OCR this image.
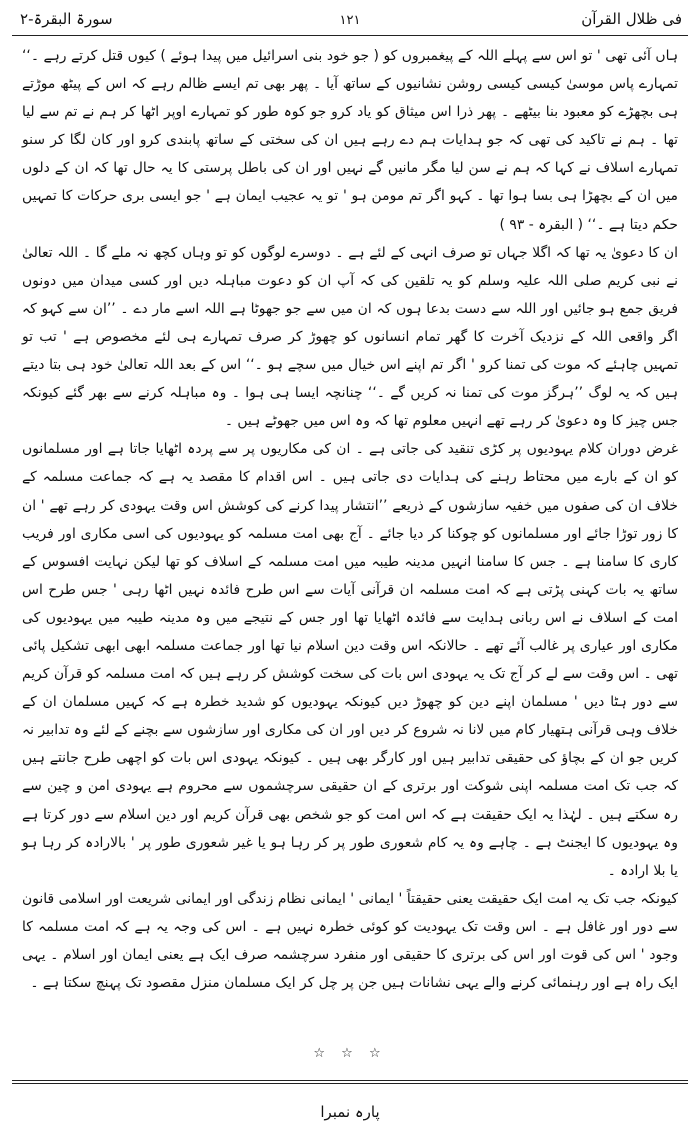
فی ظلال القرآن
۱۲۱
سورۃ البقرۃ-۲

ہاں آئی تھی ' تو اس سے پہلے اللہ کے پیغمبروں کو ( جو خود بنی اسرائیل میں پیدا ہوئے ) کیوں قتل کرتے رہے ۔‘‘ تمہارے پاس موسیٰ کیسی کیسی روشن نشانیوں کے ساتھ آیا ۔ پھر بھی تم ایسے ظالم رہے کہ اس کے پیٹھ موڑتے ہی بچھڑے کو معبود بنا بیٹھے ۔ پھر ذرا اس میثاق کو یاد کرو جو کوہ طور کو تمہارے اوپر اٹھا کر ہم نے تم سے لیا تھا ۔ ہم نے تاکید کی تھی کہ جو ہدایات ہم دے رہے ہیں ان کی سختی کے ساتھ پابندی کرو اور کان لگا کر سنو تمہارے اسلاف نے کہا کہ ہم نے سن لیا مگر مانیں گے نہیں اور ان کی باطل پرستی کا یہ حال تھا کہ ان کے دلوں میں ان کے بچھڑا ہی بسا ہوا تھا ۔ کہو اگر تم مومن ہو ' تو یہ عجیب ایمان ہے ' جو ایسی بری حرکات کا تمہیں حکم دیتا ہے ۔‘‘ ( البقرہ - ۹۳ )

ان کا دعویٰ یہ تھا کہ اگلا جہاں تو صرف انہی کے لئے ہے ۔ دوسرے لوگوں کو تو وہاں کچھ نہ ملے گا ۔ اللہ تعالیٰ نے نبی کریم صلی اللہ علیہ وسلم کو یہ تلقین کی کہ آپ ان کو دعوت مباہلہ دیں اور کسی میدان میں دونوں فریق جمع ہو جائیں اور اللہ سے دست بدعا ہوں کہ ان میں سے جو جھوٹا ہے اللہ اسے مار دے ۔ ’’ان سے کہو کہ اگر واقعی اللہ کے نزدیک آخرت کا گھر تمام انسانوں کو چھوڑ کر صرف تمہارے ہی لئے مخصوص ہے ' تب تو تمہیں چاہئے کہ موت کی تمنا کرو ' اگر تم اپنے اس خیال میں سچے ہو ۔‘‘ اس کے بعد اللہ تعالیٰ خود ہی بتا دیتے ہیں کہ یہ لوگ ’’ہرگز موت کی تمنا نہ کریں گے ۔‘‘ چنانچہ ایسا ہی ہوا ۔ وہ مباہلہ کرنے سے بھر گئے کیونکہ جس چیز کا وہ دعویٰ کر رہے تھے انہیں معلوم تھا کہ وہ اس میں جھوٹے ہیں ۔

غرض دوران کلام یہودیوں پر کڑی تنقید کی جاتی ہے ۔ ان کی مکاریوں پر سے پردہ اٹھایا جاتا ہے اور مسلمانوں کو ان کے بارے میں محتاط رہنے کی ہدایات دی جاتی ہیں ۔ اس اقدام کا مقصد یہ ہے کہ جماعت مسلمہ کے خلاف ان کی صفوں میں خفیہ سازشوں کے ذریعے ’’انتشار پیدا کرنے کی کوشش اس وقت یہودی کر رہے تھے ' ان کا زور توڑا جائے اور مسلمانوں کو چوکنا کر دیا جائے ۔ آج بھی امت مسلمہ کو یہودیوں کی اسی مکاری اور فریب کاری کا سامنا ہے ۔ جس کا سامنا انہیں مدینہ طیبہ میں امت مسلمہ کے اسلاف کو تھا لیکن نہایت افسوس کے ساتھ یہ بات کہنی پڑتی ہے کہ امت مسلمہ ان قرآنی آیات سے اس طرح فائدہ نہیں اٹھا رہی ' جس طرح اس امت کے اسلاف نے اس ربانی ہدایت سے فائدہ اٹھایا تھا اور جس کے نتیجے میں وہ مدینہ طیبہ میں یہودیوں کی مکاری اور عیاری پر غالب آئے تھے ۔ حالانکہ اس وقت دین اسلام نیا تھا اور جماعت مسلمہ ابھی ابھی تشکیل پائی تھی ۔ اس وقت سے لے کر آج تک یہ یہودی اس بات کی سخت کوشش کر رہے ہیں کہ امت مسلمہ کو قرآن کریم سے دور ہٹا دیں ' مسلمان اپنے دین کو چھوڑ دیں کیونکہ یہودیوں کو شدید خطرہ ہے کہ کہیں مسلمان ان کے خلاف وہی قرآنی ہتھیار کام میں لانا نہ شروع کر دیں اور ان کی مکاری اور سازشوں سے بچنے کے لئے وہ تدابیر نہ کریں جو ان کے بچاؤ کی حقیقی تدابیر ہیں اور کارگر بھی ہیں ۔ کیونکہ یہودی اس بات کو اچھی طرح جانتے ہیں کہ جب تک امت مسلمہ اپنی شوکت اور برتری کے ان حقیقی سرچشموں سے محروم ہے یہودی امن و چین سے رہ سکتے ہیں ۔ لہٰذا یہ ایک حقیقت ہے کہ اس امت کو جو شخص بھی قرآن کریم اور دین اسلام سے دور کرتا ہے وہ یہودیوں کا ایجنٹ ہے ۔ چاہے وہ یہ کام شعوری طور پر کر رہا ہو یا غیر شعوری طور پر ' بالارادہ کر رہا ہو یا بلا ارادہ ۔

کیونکہ جب تک یہ امت ایک حقیقت یعنی حقیقتاً ' ایمانی ' ایمانی نظام زندگی اور ایمانی شریعت اور اسلامی قانون سے دور اور غافل ہے ۔ اس وقت تک یہودیت کو کوئی خطرہ نہیں ہے ۔ اس کی وجہ یہ ہے کہ امت مسلمہ کا وجود ' اس کی قوت اور اس کی برتری کا حقیقی اور منفرد سرچشمہ صرف ایک ہے یعنی ایمان اور اسلام ۔ یہی ایک راہ ہے اور رہنمائی کرنے والے یہی نشانات ہیں جن پر چل کر ایک مسلمان منزل مقصود تک پہنچ سکتا ہے ۔

☆ ☆ ☆
پارہ نمبرا
